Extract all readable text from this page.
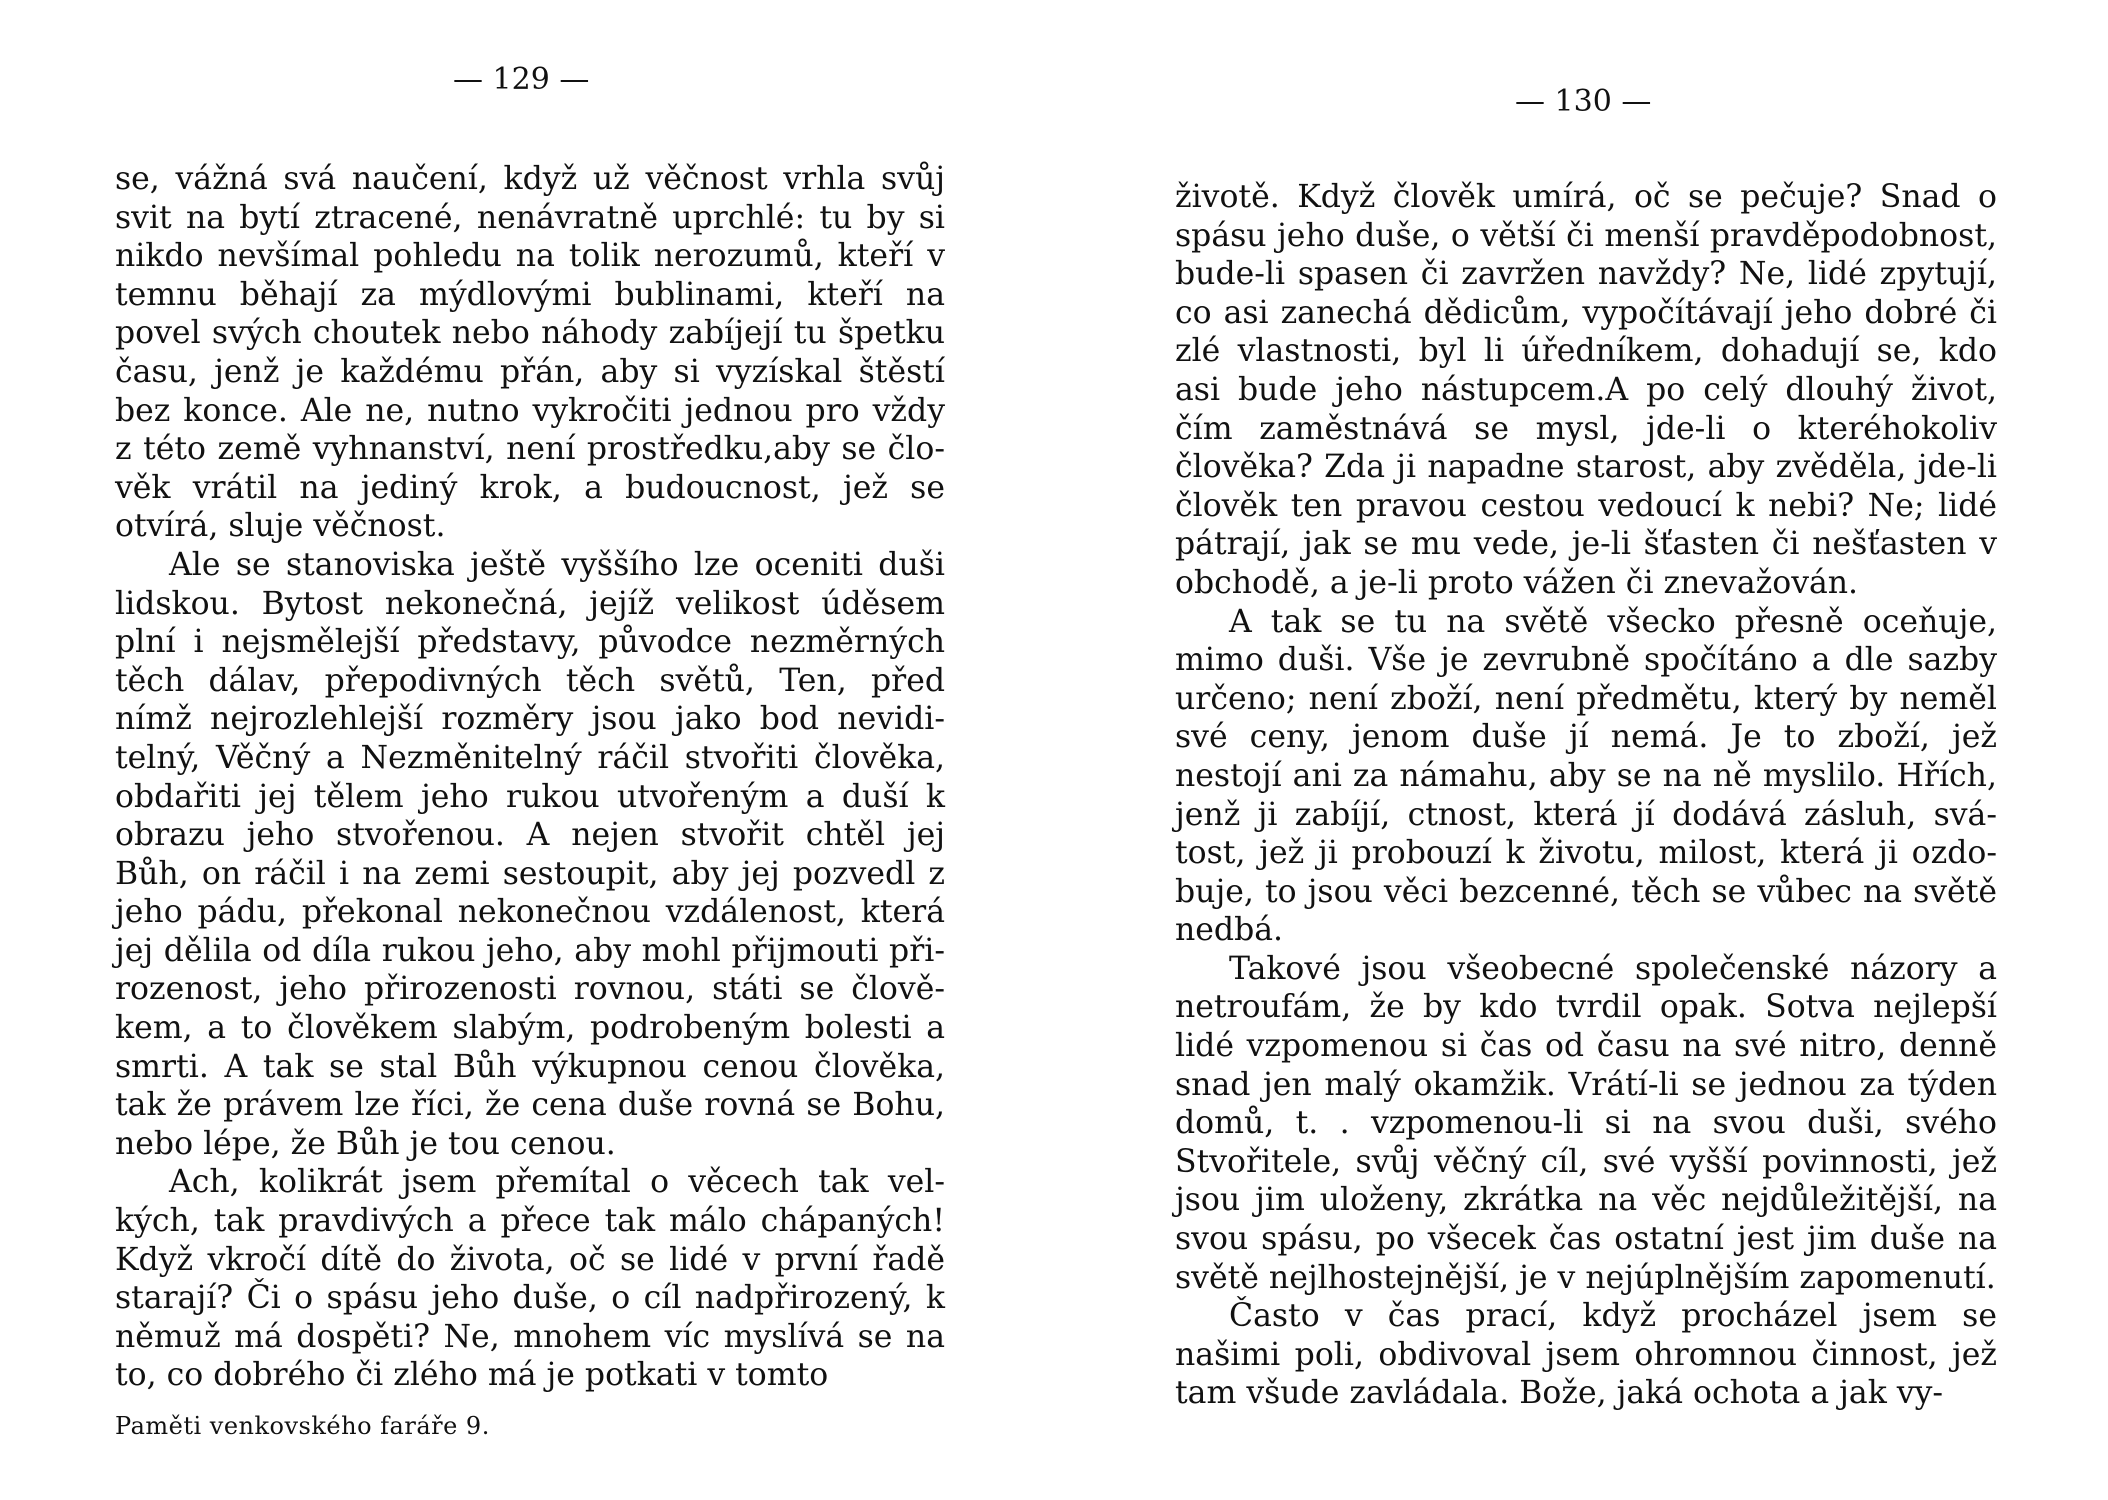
— 129 —

se, vážná svá naučení, když už věčnost vrhla svůj svit na bytí ztracené, nenávratně uprchlé: tu by si nikdo nevšímal pohledu na tolik nerozumů, kteří v temnu běhají za mýdlovými bublinami, kteří na povel svých choutek nebo náhody zabíjejí tu špetku času, jenž je každému přán, aby si vyzískal štěstí bez konce. Ale ne, nutno vykročiti jednou pro vždy z této země vyhnanství, není prostředku,aby se člověk vrátil na jediný krok, a budoucnost, jež se otvírá, sluje věčnost.

Ale se stanoviska ještě vyššího lze oceniti duši lidskou. Bytost nekonečná, jejíž velikost úděsem plní i nejsmělejší představy, původce nezměrných těch dálav, přepodivných těch světů, Ten, před nímž nejrozlehlejší rozměry jsou jako bod neviditelný, Věčný a Nezměnitelný ráčil stvořiti člověka, obdařiti jej tělem jeho rukou utvořeným a duší k obrazu jeho stvořenou. A nejen stvořit chtěl jej Bůh, on ráčil i na zemi sestoupit, aby jej pozvedl z jeho pádu, překonal nekonečnou vzdálenost, která jej dělila od díla rukou jeho, aby mohl přijmouti přirozenost, jeho přirozenosti rovnou, státi se člověkem, a to člověkem slabým, podrobeným bolesti a smrti. A tak se stal Bůh výkupnou cenou člověka, tak že právem lze říci, že cena duše rovná se Bohu, nebo lépe, že Bůh je tou cenou.

Ach, kolikrát jsem přemítal o věcech tak velkých, tak pravdivých a přece tak málo chápaných! Když vkročí dítě do života, oč se lidé v první řadě starají? Či o spásu jeho duše, o cíl nadpřirozený, k němuž má dospěti? Ne, mnohem víc myslívá se na to, co dobrého či zlého má je potkati v tomto

Paměti venkovského faráře 9.
— 130 —

životě. Když člověk umírá, oč se pečuje? Snad o spásu jeho duše, o větší či menší pravděpodobnost, bude-li spasen či zavržen navždy? Ne, lidé zpytují, co asi zanechá dědicům, vypočítávají jeho dobré či zlé vlastnosti, byl li úředníkem, dohadují se, kdo asi bude jeho nástupcem.A po celý dlouhý život, čím zaměstnává se mysl, jde-li o kteréhokoliv člověka? Zda ji napadne starost, aby zvěděla, jde-li člověk ten pravou cestou vedoucí k nebi? Ne; lidé pátrají, jak se mu vede, je-li šťasten či nešťasten v obchodě, a je-li proto vážen či znevažován.

A tak se tu na světě všecko přesně oceňuje, mimo duši. Vše je zevrubně spočítáno a dle sazby určeno; není zboží, není předmětu, který by neměl své ceny, jenom duše jí nemá. Je to zboží, jež nestojí ani za námahu, aby se na ně myslilo. Hřích, jenž ji zabíjí, ctnost, která jí dodává zásluh, svátost, jež ji probouzí k životu, milost, která ji ozdobuje, to jsou věci bezcenné, těch se vůbec na světě nedbá.

Takové jsou všeobecné společenské názory a netroufám, že by kdo tvrdil opak. Sotva nejlepší lidé vzpomenou si čas od času na své nitro, denně snad jen malý okamžik. Vrátí-li se jednou za týden domů, t. . vzpomenou-li si na svou duši, svého Stvořitele, svůj věčný cíl, své vyšší povinnosti, jež jsou jim uloženy, zkrátka na věc nejdůležitější, na svou spásu, po všecek čas ostatní jest jim duše na světě nejlhostejnější, je v nejúplnějším zapomenutí.

Často v čas prací, když procházel jsem se našimi poli, obdivoval jsem ohromnou činnost, jež tam všude zavládala. Bože, jaká ochota a jak vy-
